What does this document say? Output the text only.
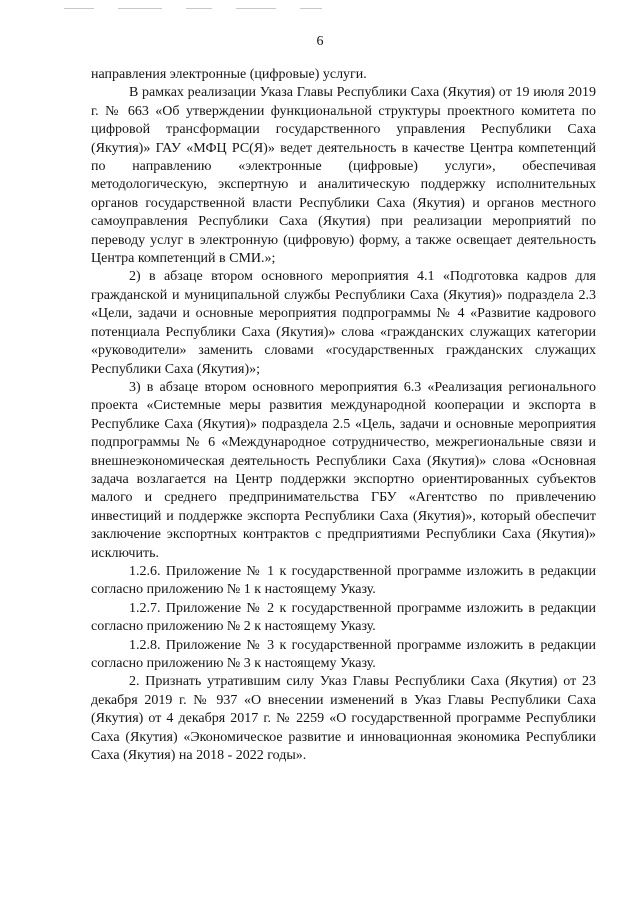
6

направления электронные (цифровые) услуги.

В рамках реализации Указа Главы Республики Саха (Якутия) от 19 июля 2019 г. № 663 «Об утверждении функциональной структуры проектного комитета по цифровой трансформации государственного управления Республики Саха (Якутия)» ГАУ «МФЦ РС(Я)» ведет деятельность в качестве Центра компетенций по направлению «электронные (цифровые) услуги», обеспечивая методологическую, экспертную и аналитическую поддержку исполнительных органов государственной власти Республики Саха (Якутия) и органов местного самоуправления Республики Саха (Якутия) при реализации мероприятий по переводу услуг в электронную (цифровую) форму, а также освещает деятельность Центра компетенций в СМИ.»;

2) в абзаце втором основного мероприятия 4.1 «Подготовка кадров для гражданской и муниципальной службы Республики Саха (Якутия)» подраздела 2.3 «Цели, задачи и основные мероприятия подпрограммы № 4 «Развитие кадрового потенциала Республики Саха (Якутия)» слова «гражданских служащих категории «руководители» заменить словами «государственных гражданских служащих Республики Саха (Якутия)»;

3) в абзаце втором основного мероприятия 6.3 «Реализация регионального проекта «Системные меры развития международной кооперации и экспорта в Республике Саха (Якутия)» подраздела 2.5 «Цель, задачи и основные мероприятия подпрограммы № 6 «Международное сотрудничество, межрегиональные связи и внешнеэкономическая деятельность Республики Саха (Якутия)» слова «Основная задача возлагается на Центр поддержки экспортно ориентированных субъектов малого и среднего предпринимательства ГБУ «Агентство по привлечению инвестиций и поддержке экспорта Республики Саха (Якутия)», который обеспечит заключение экспортных контрактов с предприятиями Республики Саха (Якутия)» исключить.

1.2.6. Приложение № 1 к государственной программе изложить в редакции согласно приложению № 1 к настоящему Указу.

1.2.7. Приложение № 2 к государственной программе изложить в редакции согласно приложению № 2 к настоящему Указу.

1.2.8. Приложение № 3 к государственной программе изложить в редакции согласно приложению № 3 к настоящему Указу.

2. Признать утратившим силу Указ Главы Республики Саха (Якутия) от 23 декабря 2019 г. № 937 «О внесении изменений в Указ Главы Республики Саха (Якутия) от 4 декабря 2017 г. № 2259 «О государственной программе Республики Саха (Якутия) «Экономическое развитие и инновационная экономика Республики Саха (Якутия) на 2018 - 2022 годы».
